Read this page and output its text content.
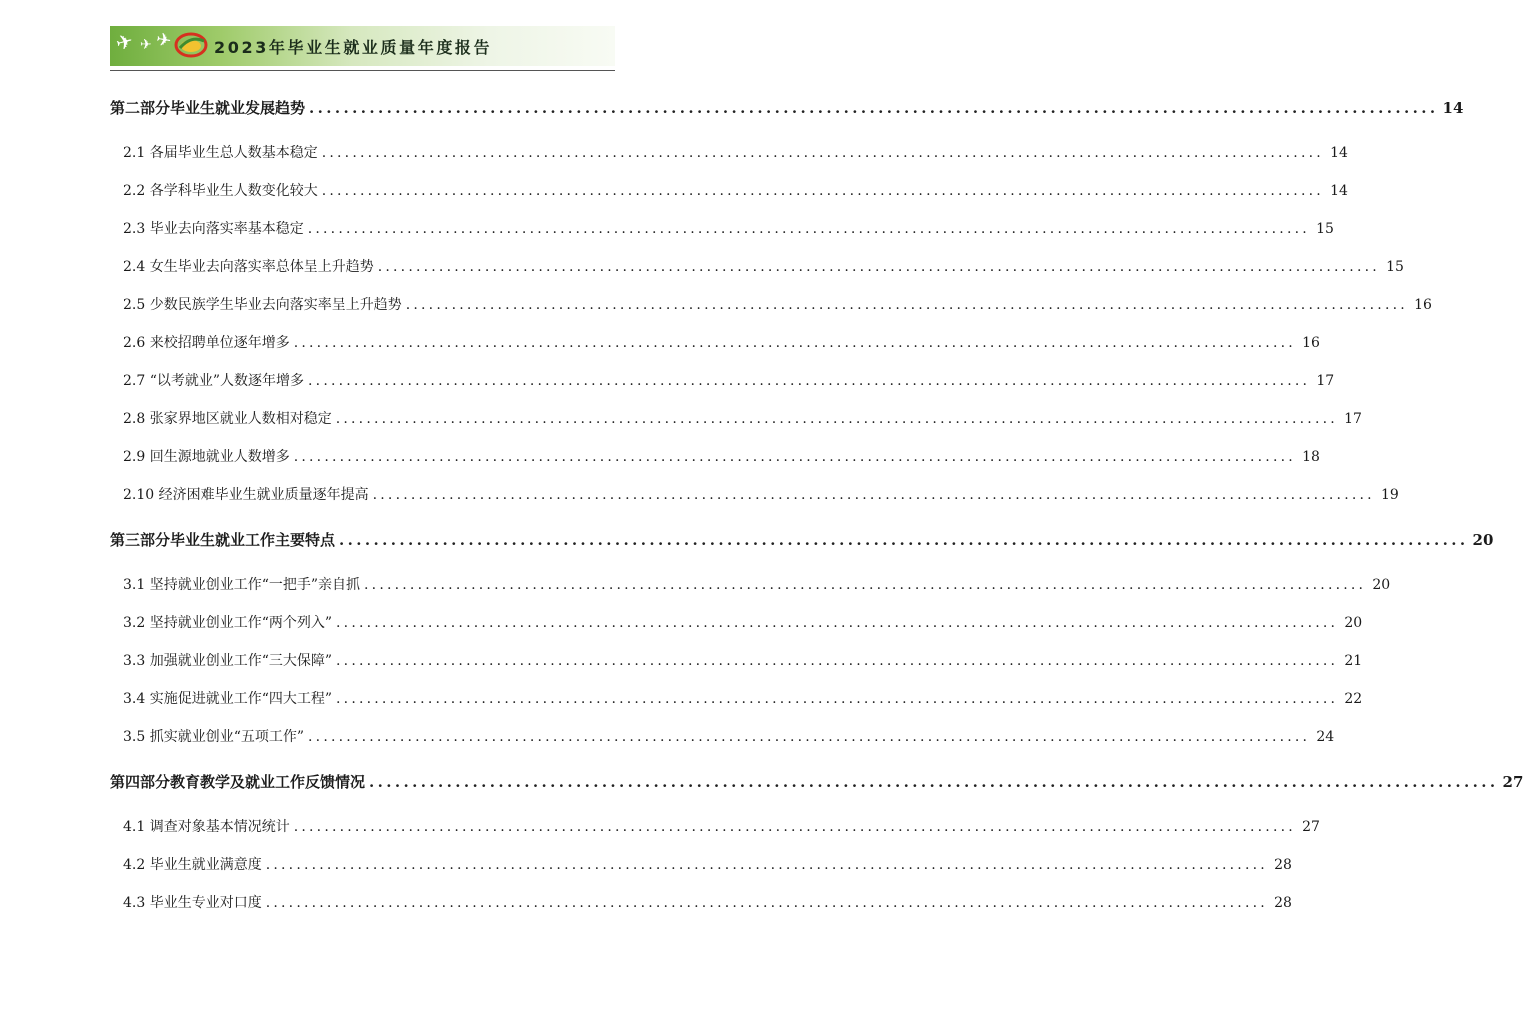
✈ ✈ ✈	2023年毕业生就业质量年度报告
第二部分毕业生就业发展趋势 ................................................................................................................................... 14
2.1 各届毕业生总人数基本稳定 ................................................................................................................................... 14
2.2 各学科毕业生人数变化较大 ................................................................................................................................... 14
2.3 毕业去向落实率基本稳定 ................................................................................................................................... 15
2.4 女生毕业去向落实率总体呈上升趋势 ................................................................................................................................... 15
2.5 少数民族学生毕业去向落实率呈上升趋势 ................................................................................................................................... 16
2.6 来校招聘单位逐年增多 ................................................................................................................................... 16
2.7 “以考就业”人数逐年增多 ................................................................................................................................... 17
2.8 张家界地区就业人数相对稳定 ................................................................................................................................... 17
2.9 回生源地就业人数增多 ................................................................................................................................... 18
2.10 经济困难毕业生就业质量逐年提高 ................................................................................................................................... 19
第三部分毕业生就业工作主要特点 ................................................................................................................................... 20
3.1 坚持就业创业工作“一把手”亲自抓 ................................................................................................................................... 20
3.2 坚持就业创业工作“两个列入” ................................................................................................................................... 20
3.3 加强就业创业工作“三大保障” ................................................................................................................................... 21
3.4 实施促进就业工作“四大工程” ................................................................................................................................... 22
3.5 抓实就业创业“五项工作” ................................................................................................................................... 24
第四部分教育教学及就业工作反馈情况 ................................................................................................................................... 27
4.1 调查对象基本情况统计 ................................................................................................................................... 27
4.2 毕业生就业满意度 ................................................................................................................................... 28
4.3 毕业生专业对口度 ................................................................................................................................... 28
